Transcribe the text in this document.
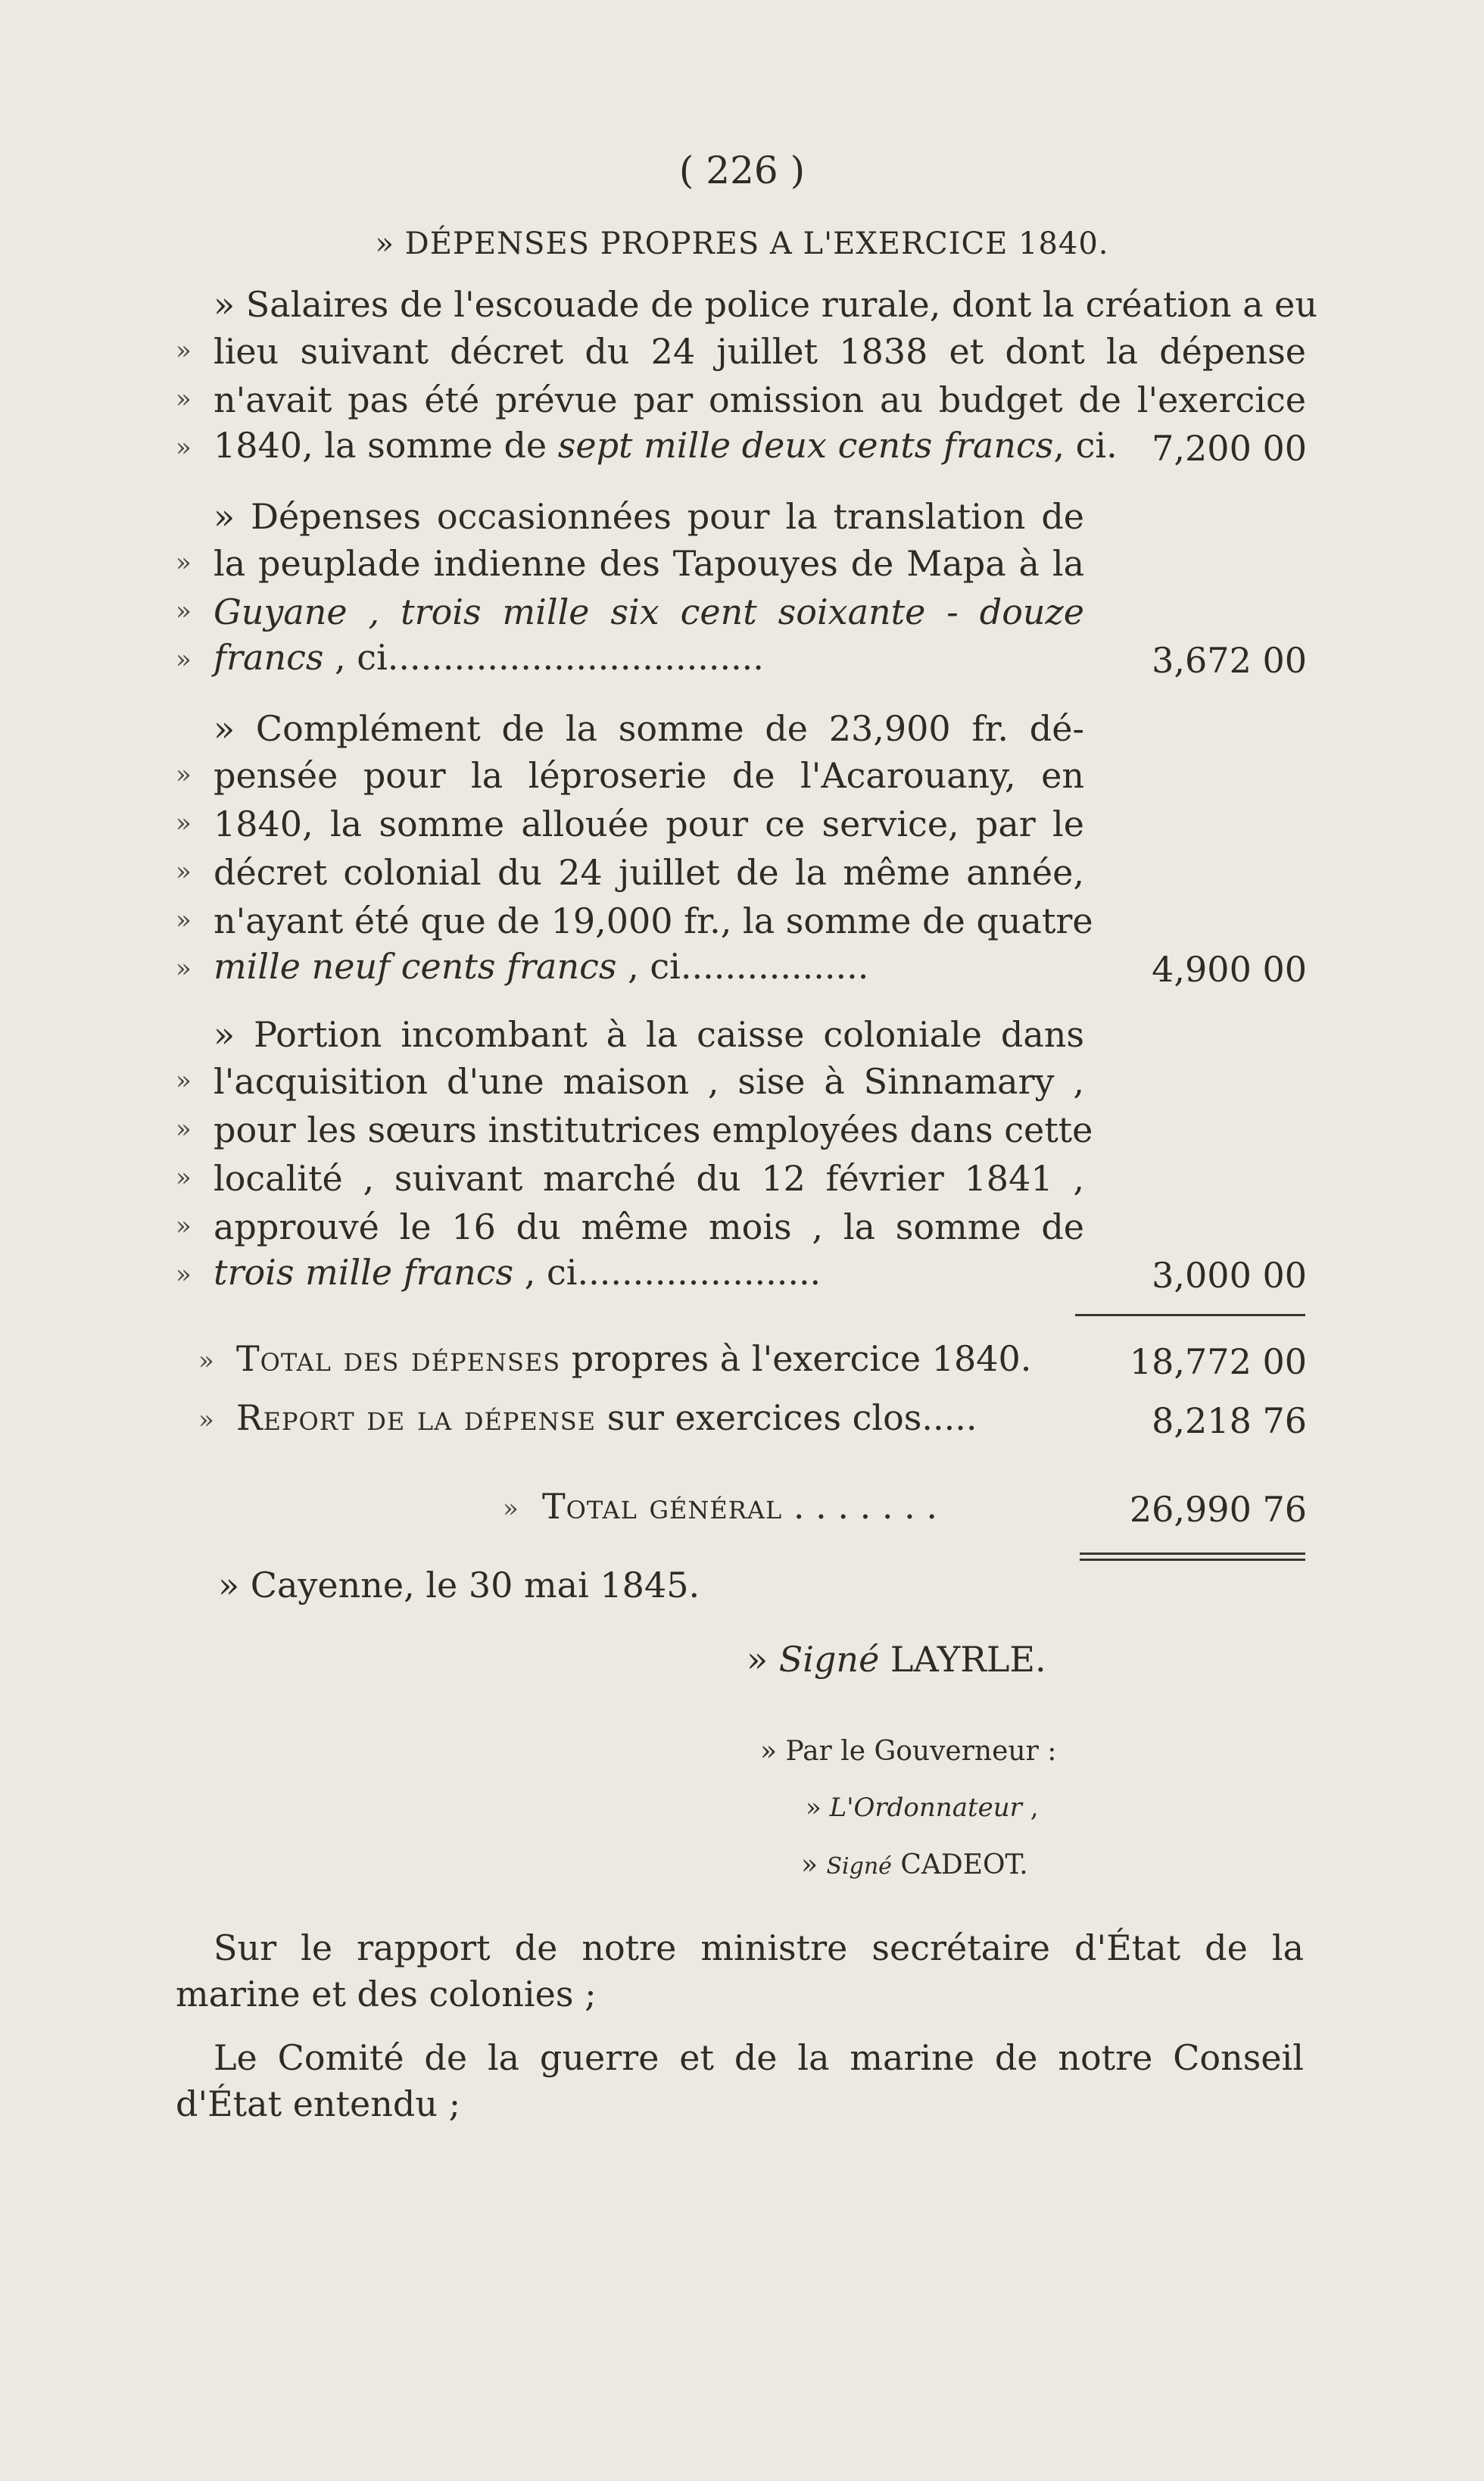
( 226 )
» DÉPENSES PROPRES A L'EXERCICE 1840.
» Salaires de l'escouade de police rurale, dont la création a eu
» lieu suivant décret du 24 juillet 1838 et dont la dépense
» n'avait pas été prévue par omission au budget de l'exercice
» 1840, la somme de sept mille deux cents francs, ci. 7,200 00
» Dépenses occasionnées pour la translation de
» la peuplade indienne des Tapouyes de Mapa à la
» Guyane , trois mille six cent soixante - douze
» francs , ci..................................	3,672 00
» Complément de la somme de 23,900 fr. dé-
» pensée pour la léproserie de l'Acarouany, en
» 1840, la somme allouée pour ce service, par le
» décret colonial du 24 juillet de la même année,
» n'ayant été que de 19,000 fr., la somme de quatre
» mille neuf cents francs , ci.................	4,900 00
» Portion incombant à la caisse coloniale dans
» l'acquisition d'une maison , sise à Sinnamary ,
» pour les sœurs institutrices employées dans cette
» localité , suivant marché du 12 février 1841 ,
» approuvé le 16 du même mois , la somme de
» trois mille francs , ci......................	3,000 00
» Total des dépenses propres à l'exercice 1840.	18,772 00
» Report de la dépense sur exercices clos.....	8,218 76
» Total général . . . . . . .	26,990 76
» Cayenne, le 30 mai 1845.
» Signé LAYRLE.
» Par le Gouverneur :
» L'Ordonnateur ,
» Signé CADEOT.
Sur le rapport de notre ministre secrétaire d'État de la
marine et des colonies ;
Le Comité de la guerre et de la marine de notre Conseil
d'État entendu ;
